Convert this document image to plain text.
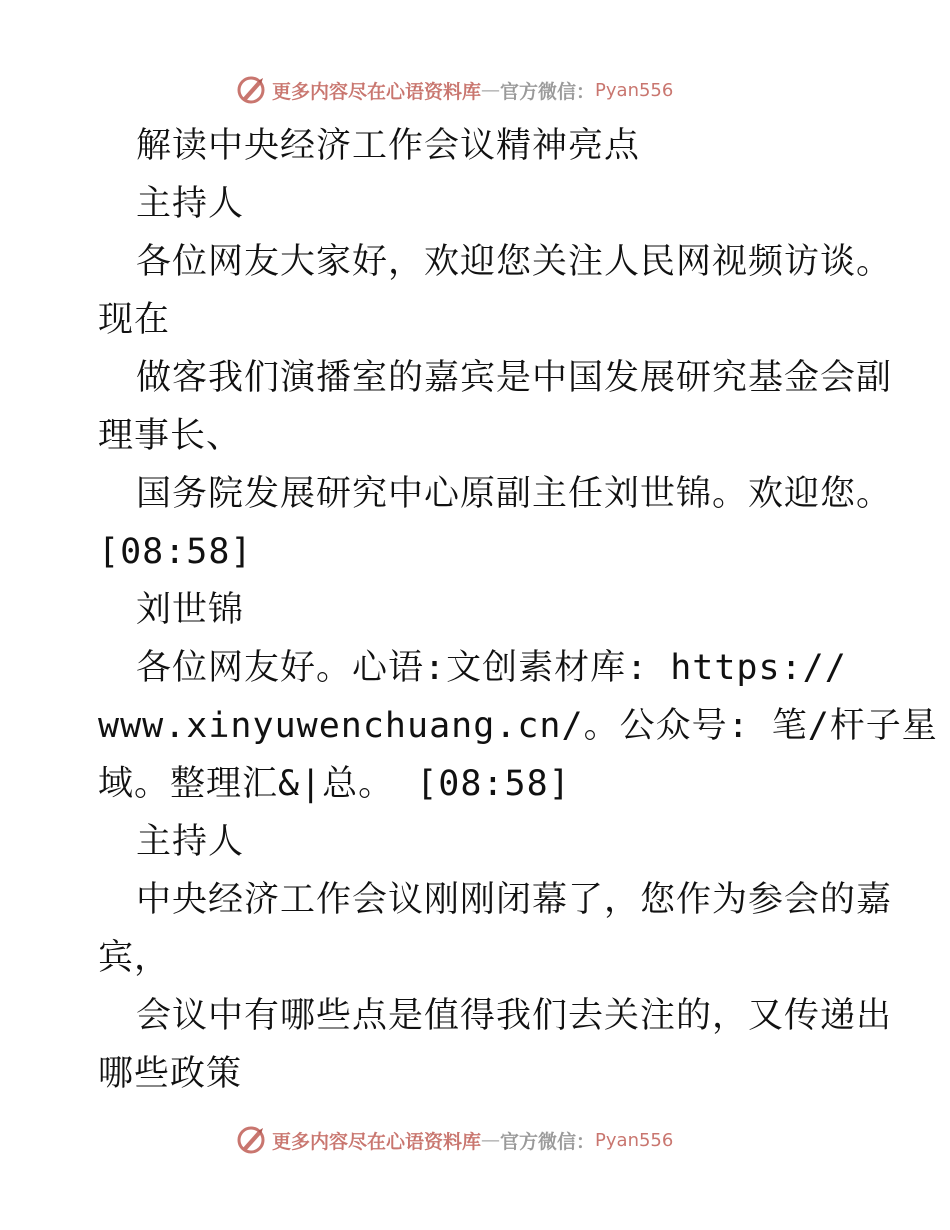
更多内容尽在心语资料库 — 官方微信： Pyan556
解读中央经济工作会议精神亮点
主持人
各位网友大家好，欢迎您关注人民网视频访谈。
现在
做客我们演播室的嘉宾是中国发展研究基金会副
理事长、
国务院发展研究中心原副主任刘世锦。欢迎您。
[08:58]
刘世锦
各位网友好。心语:文创素材库: https://
www.xinyuwenchuang.cn/。公众号: 笔/杆子星
域。整理汇&|总。 [08:58]
主持人
中央经济工作会议刚刚闭幕了，您作为参会的嘉
宾，
会议中有哪些点是值得我们去关注的，又传递出
哪些政策
更多内容尽在心语资料库 — 官方微信： Pyan556
